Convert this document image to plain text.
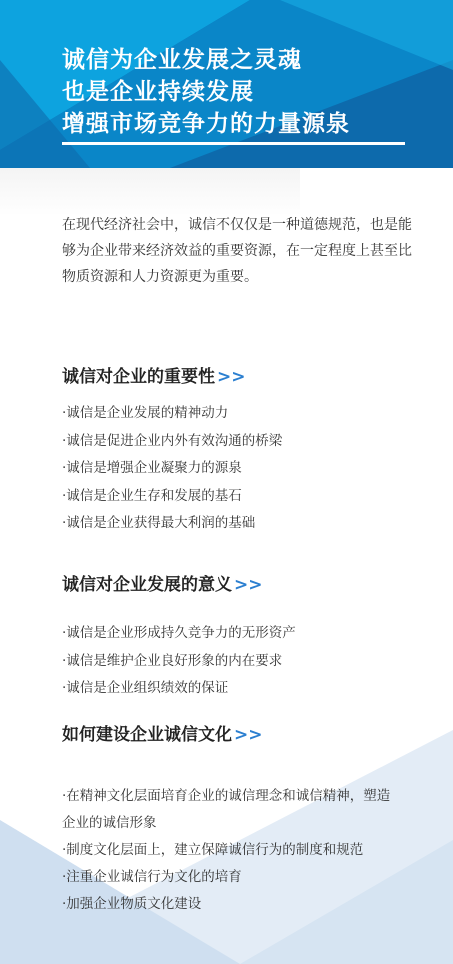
诚信为企业发展之灵魂
也是企业持续发展
增强市场竞争力的力量源泉

在现代经济社会中，诚信不仅仅是一种道德规范，也是能够为企业带来经济效益的重要资源，在一定程度上甚至比物质资源和人力资源更为重要。

诚信对企业的重要性 >>
·诚信是企业发展的精神动力
·诚信是促进企业内外有效沟通的桥梁
·诚信是增强企业凝聚力的源泉
·诚信是企业生存和发展的基石
·诚信是企业获得最大利润的基础
诚信对企业发展的意义 >>
·诚信是企业形成持久竞争力的无形资产
·诚信是维护企业良好形象的内在要求
·诚信是企业组织绩效的保证
如何建设企业诚信文化 >>
·在精神文化层面培育企业的诚信理念和诚信精神，塑造企业的诚信形象
·制度文化层面上，建立保障诚信行为的制度和规范
·注重企业诚信行为文化的培育
·加强企业物质文化建设
